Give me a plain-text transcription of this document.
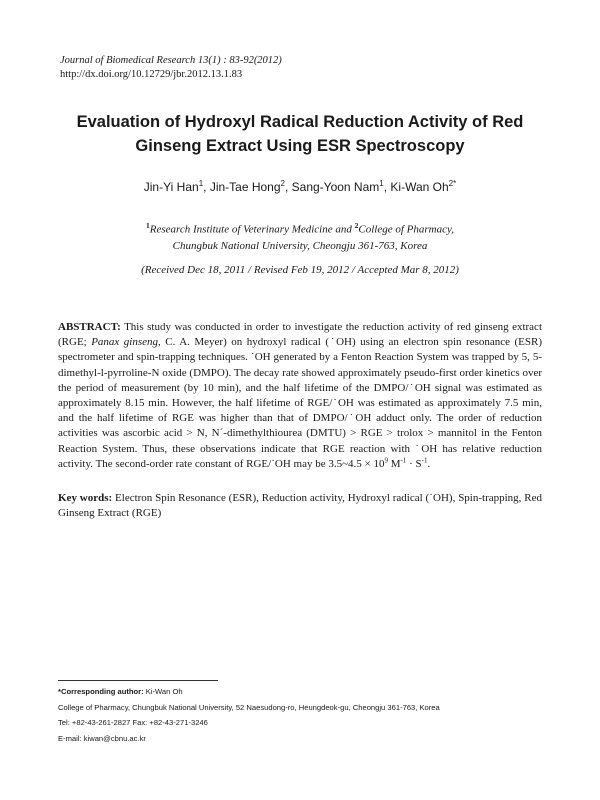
Journal of Biomedical Research 13(1) : 83-92(2012)
http://dx.doi.org/10.12729/jbr.2012.13.1.83
Evaluation of Hydroxyl Radical Reduction Activity of Red
Ginseng Extract Using ESR Spectroscopy
Jin-Yi Han$^1$, Jin-Tae Hong$^2$, Sang-Yoon Nam$^1$, Ki-Wan $Oh^{2*}$
$^1$Research Institute of Veterinary Medicine and $^2$College of Pharmacy,
Chungbuk National University, Cheongju 361-763, Korea
(Received Dec 18, 2011 / Revised Feb 19, 2012 / Accepted Mar 8, 2012)

ABSTRACT: This study was conducted in order to investigate the reduction activity of red ginseng extract (RGE; Panax ginseng, C. A. Meyer) on hydroxyl radical (˙OH) using an electron spin resonance (ESR) spectrometer and spin-trapping techniques. ˙OH generated by a Fenton Reaction System was trapped by 5, 5-dimethyl-l-pyrroline-N oxide (DMPO). The decay rate showed approximately pseudo-first order kinetics over the period of measurement (by 10 min), and the half lifetime of the DMPO/˙OH signal was estimated as approximately 8.15 min. However, the half lifetime of RGE/˙OH was estimated as approximately 7.5 min, and the half lifetime of RGE was higher than that of DMPO/˙OH adduct only. The order of reduction activities was ascorbic acid > N, N´-dimethylthiourea (DMTU) > RGE > trolox > mannitol in the Fenton Reaction System. Thus, these observations indicate that RGE reaction with ˙OH has relative reduction activity. The second-order rate constant of RGE/˙OH may be 3.5~4.5 × $10^9$ $M^{-1} \cdot S^{-1}$.

Key words: Electron Spin Resonance (ESR), Reduction activity, Hydroxyl radical (˙OH), Spin-trapping, Red Ginseng Extract (RGE)

*Corresponding author: Ki-Wan Oh
College of Pharmacy, Chungbuk National University, 52 Naesudong-ro, Heungdeok-gu, Cheongju 361-763, Korea
Tel: +82-43-261-2827 Fax: +82-43-271-3246
E-mail: kiwan@cbnu.ac.kr
